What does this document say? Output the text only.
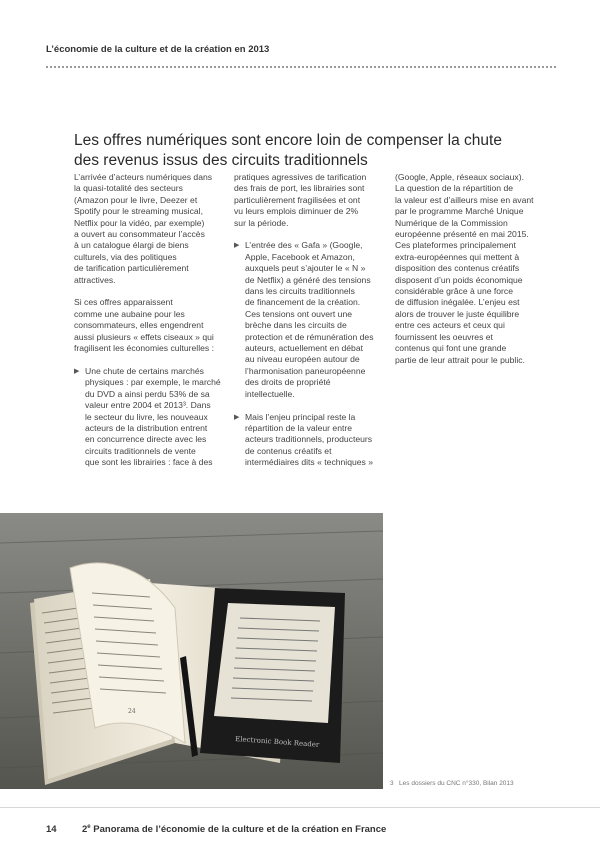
L’économie de la culture et de la création en 2013
Les offres numériques sont encore loin de compenser la chute
des revenus issus des circuits traditionnels

L’arrivée d’acteurs numériques dans
la quasi-totalité des secteurs
(Amazon pour le livre, Deezer et
Spotify pour le streaming musical,
Netflix pour la vidéo, par exemple)
a ouvert au consommateur l’accès
à un catalogue élargi de biens
culturels, via des politiques
de tarification particulièrement
attractives.

Si ces offres apparaissent
comme une aubaine pour les
consommateurs, elles engendrent
aussi plusieurs « effets ciseaux » qui
fragilisent les économies culturelles :

▶ Une chute de certains marchés
physiques : par exemple, le marché
du DVD a ainsi perdu 53% de sa
valeur entre 2004 et 2013³. Dans
le secteur du livre, les nouveaux
acteurs de la distribution entrent
en concurrence directe avec les
circuits traditionnels de vente
que sont les librairies : face à des

pratiques agressives de tarification
des frais de port, les librairies sont
particulièrement fragilisées et ont
vu leurs emplois diminuer de 2%
sur la période.

▶ L’entrée des « Gafa » (Google,
Apple, Facebook et Amazon,
auxquels peut s’ajouter le « N »
de Netflix) a généré des tensions
dans les circuits traditionnels
de financement de la création.
Ces tensions ont ouvert une
brèche dans les circuits de
protection et de rémunération des
auteurs, actuellement en débat
au niveau européen autour de
l’harmonisation paneuropéenne
des droits de propriété
intellectuelle.

▶ Mais l’enjeu principal reste la
répartition de la valeur entre
acteurs traditionnels, producteurs
de contenus créatifs et
intermédiaires dits « techniques »

(Google, Apple, réseaux sociaux).
La question de la répartition de
la valeur est d’ailleurs mise en avant
par le programme Marché Unique
Numérique de la Commission
européenne présenté en mai 2015.
Ces plateformes principalement
extra-européennes qui mettent à
disposition des contenus créatifs
disposent d’un poids économique
considérable grâce à une force
de diffusion inégalée. L’enjeu est
alors de trouver le juste équilibre
entre ces acteurs et ceux qui
fournissent les oeuvres et
contenus qui font une grande
partie de leur attrait pour le public.

24
Electronic Book Reader
3 Les dossiers du CNC n°330, Bilan 2013
14	2e Panorama de l’économie de la culture et de la création en France
